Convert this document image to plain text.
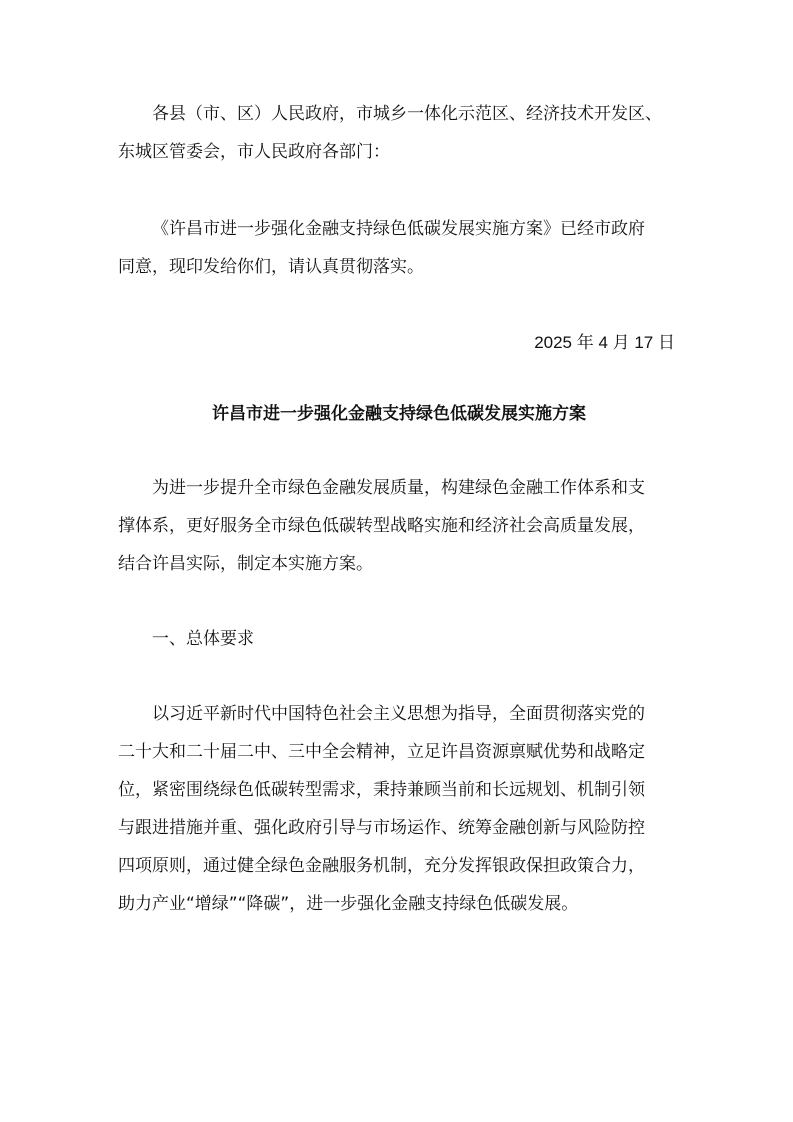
各县（市、区）人民政府，市城乡一体化示范区、经济技术开发区、
东城区管委会，市人民政府各部门：
《许昌市进一步强化金融支持绿色低碳发展实施方案》已经市政府
同意，现印发给你们，请认真贯彻落实。
2025 年 4 月 17 日
许昌市进一步强化金融支持绿色低碳发展实施方案
为进一步提升全市绿色金融发展质量，构建绿色金融工作体系和支
撑体系，更好服务全市绿色低碳转型战略实施和经济社会高质量发展，
结合许昌实际，制定本实施方案。
一、总体要求
以习近平新时代中国特色社会主义思想为指导，全面贯彻落实党的
二十大和二十届二中、三中全会精神，立足许昌资源禀赋优势和战略定
位，紧密围绕绿色低碳转型需求，秉持兼顾当前和长远规划、机制引领
与跟进措施并重、强化政府引导与市场运作、统筹金融创新与风险防控
四项原则，通过健全绿色金融服务机制，充分发挥银政保担政策合力，
助力产业“增绿”“降碳”，进一步强化金融支持绿色低碳发展。
